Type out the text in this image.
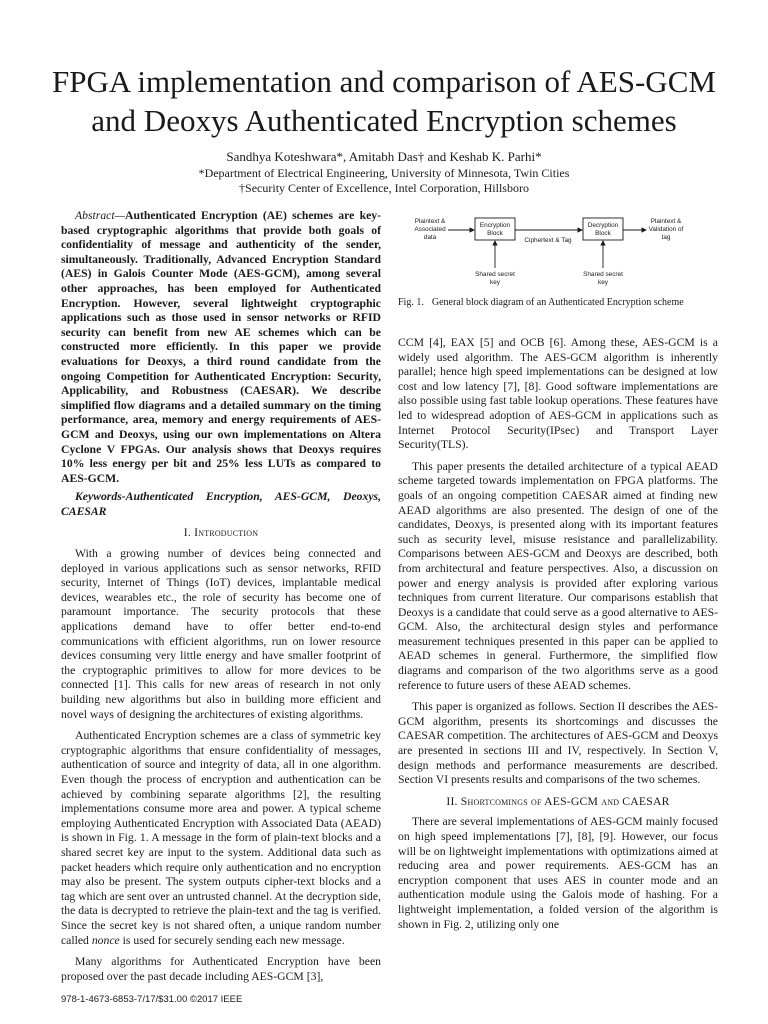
FPGA implementation and comparison of AES-GCM
and Deoxys Authenticated Encryption schemes
Sandhya Koteshwara*, Amitabh Das† and Keshab K. Parhi*
*Department of Electrical Engineering, University of Minnesota, Twin Cities
†Security Center of Excellence, Intel Corporation, Hillsboro

Abstract—Authenticated Encryption (AE) schemes are key-based cryptographic algorithms that provide both goals of confidentiality of message and authenticity of the sender, simultaneously. Traditionally, Advanced Encryption Standard (AES) in Galois Counter Mode (AES-GCM), among several other approaches, has been employed for Authenticated Encryption. However, several lightweight cryptographic applications such as those used in sensor networks or RFID security can benefit from new AE schemes which can be constructed more efficiently. In this paper we provide evaluations for Deoxys, a third round candidate from the ongoing Competition for Authenticated Encryption: Security, Applicability, and Robustness (CAESAR). We describe simplified flow diagrams and a detailed summary on the timing performance, area, memory and energy requirements of AES-GCM and Deoxys, using our own implementations on Altera Cyclone V FPGAs. Our analysis shows that Deoxys requires 10% less energy per bit and 25% less LUTs as compared to AES-GCM.

Keywords-Authenticated Encryption, AES-GCM, Deoxys, CAESAR

I. Introduction

With a growing number of devices being connected and deployed in various applications such as sensor networks, RFID security, Internet of Things (IoT) devices, implantable medical devices, wearables etc., the role of security has become one of paramount importance. The security protocols that these applications demand have to offer better end-to-end communications with efficient algorithms, run on lower resource devices consuming very little energy and have smaller footprint of the cryptographic primitives to allow for more devices to be connected [1]. This calls for new areas of research in not only building new algorithms but also in building more efficient and novel ways of designing the architectures of existing algorithms.

Authenticated Encryption schemes are a class of symmetric key cryptographic algorithms that ensure confidentiality of messages, authentication of source and integrity of data, all in one algorithm. Even though the process of encryption and authentication can be achieved by combining separate algorithms [2], the resulting implementations consume more area and power. A typical scheme employing Authenticated Encryption with Associated Data (AEAD) is shown in Fig. 1. A message in the form of plain-text blocks and a shared secret key are input to the system. Additional data such as packet headers which require only authentication and no encryption may also be present. The system outputs cipher-text blocks and a tag which are sent over an untrusted channel. At the decryption side, the data is decrypted to retrieve the plain-text and the tag is verified. Since the secret key is not shared often, a unique random number called nonce is used for securely sending each new message.

Many algorithms for Authenticated Encryption have been proposed over the past decade including AES-GCM [3],

Plaintext &
Associated
data
Encryption
Block
Ciphertext & Tag
Decryption
Block
Plaintext &
Validation of
tag
Shared secret
key
Shared secret
key
Fig. 1. General block diagram of an Authenticated Encryption scheme

CCM [4], EAX [5] and OCB [6]. Among these, AES-GCM is a widely used algorithm. The AES-GCM algorithm is inherently parallel; hence high speed implementations can be designed at low cost and low latency [7], [8]. Good software implementations are also possible using fast table lookup operations. These features have led to widespread adoption of AES-GCM in applications such as Internet Protocol Security(IPsec) and Transport Layer Security(TLS).

This paper presents the detailed architecture of a typical AEAD scheme targeted towards implementation on FPGA platforms. The goals of an ongoing competition CAESAR aimed at finding new AEAD algorithms are also presented. The design of one of the candidates, Deoxys, is presented along with its important features such as security level, misuse resistance and parallelizability. Comparisons between AES-GCM and Deoxys are described, both from architectural and feature perspectives. Also, a discussion on power and energy analysis is provided after exploring various techniques from current literature. Our comparisons establish that Deoxys is a candidate that could serve as a good alternative to AES-GCM. Also, the architectural design styles and performance measurement techniques presented in this paper can be applied to AEAD schemes in general. Furthermore, the simplified flow diagrams and comparison of the two algorithms serve as a good reference to future users of these AEAD schemes.

This paper is organized as follows. Section II describes the AES-GCM algorithm, presents its shortcomings and discusses the CAESAR competition. The architectures of AES-GCM and Deoxys are presented in sections III and IV, respectively. In Section V, design methods and performance measurements are described. Section VI presents results and comparisons of the two schemes.

II. Shortcomings of AES-GCM and CAESAR

There are several implementations of AES-GCM mainly focused on high speed implementations [7], [8], [9]. However, our focus will be on lightweight implementations with optimizations aimed at reducing area and power requirements. AES-GCM has an encryption component that uses AES in counter mode and an authentication module using the Galois mode of hashing. For a lightweight implementation, a folded version of the algorithm is shown in Fig. 2, utilizing only one

978-1-4673-6853-7/17/$31.00 ©2017 IEEE
